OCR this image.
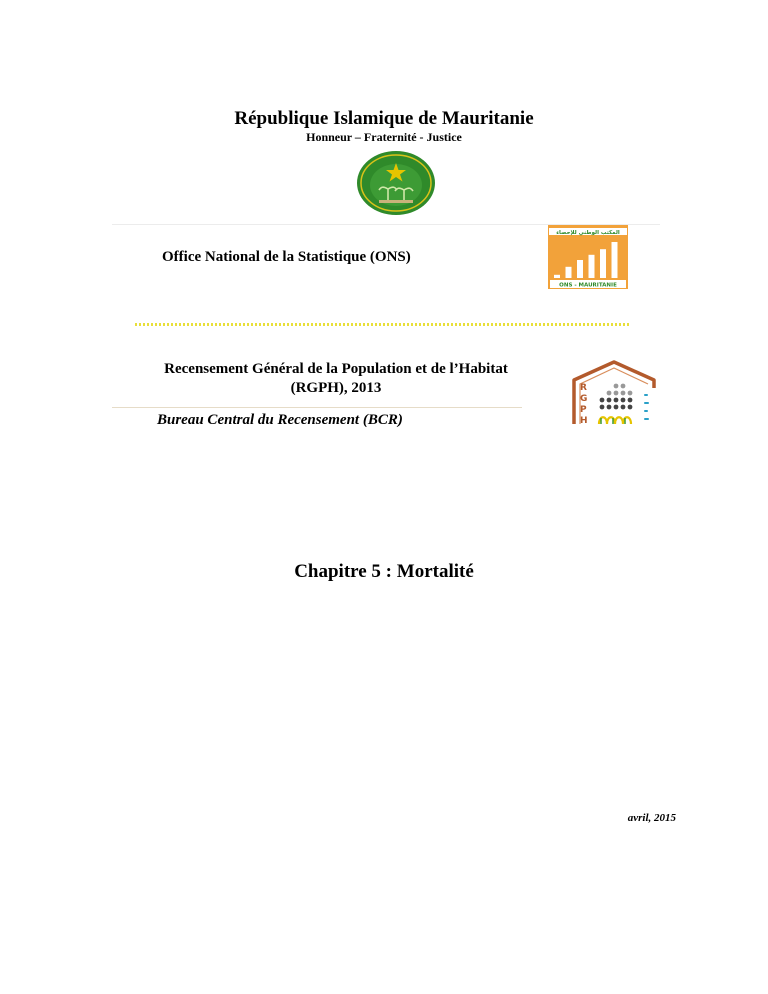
République Islamique de Mauritanie
Honneur – Fraternité - Justice
Office National de la Statistique (ONS)
المكتب الوطني للإحصاء
ONS - MAURITANIE
Recensement Général de la Population et de l’Habitat (RGPH), 2013
Bureau Central du Recensement (BCR)
R
G
P
H
Chapitre 5 : Mortalité
avril, 2015
